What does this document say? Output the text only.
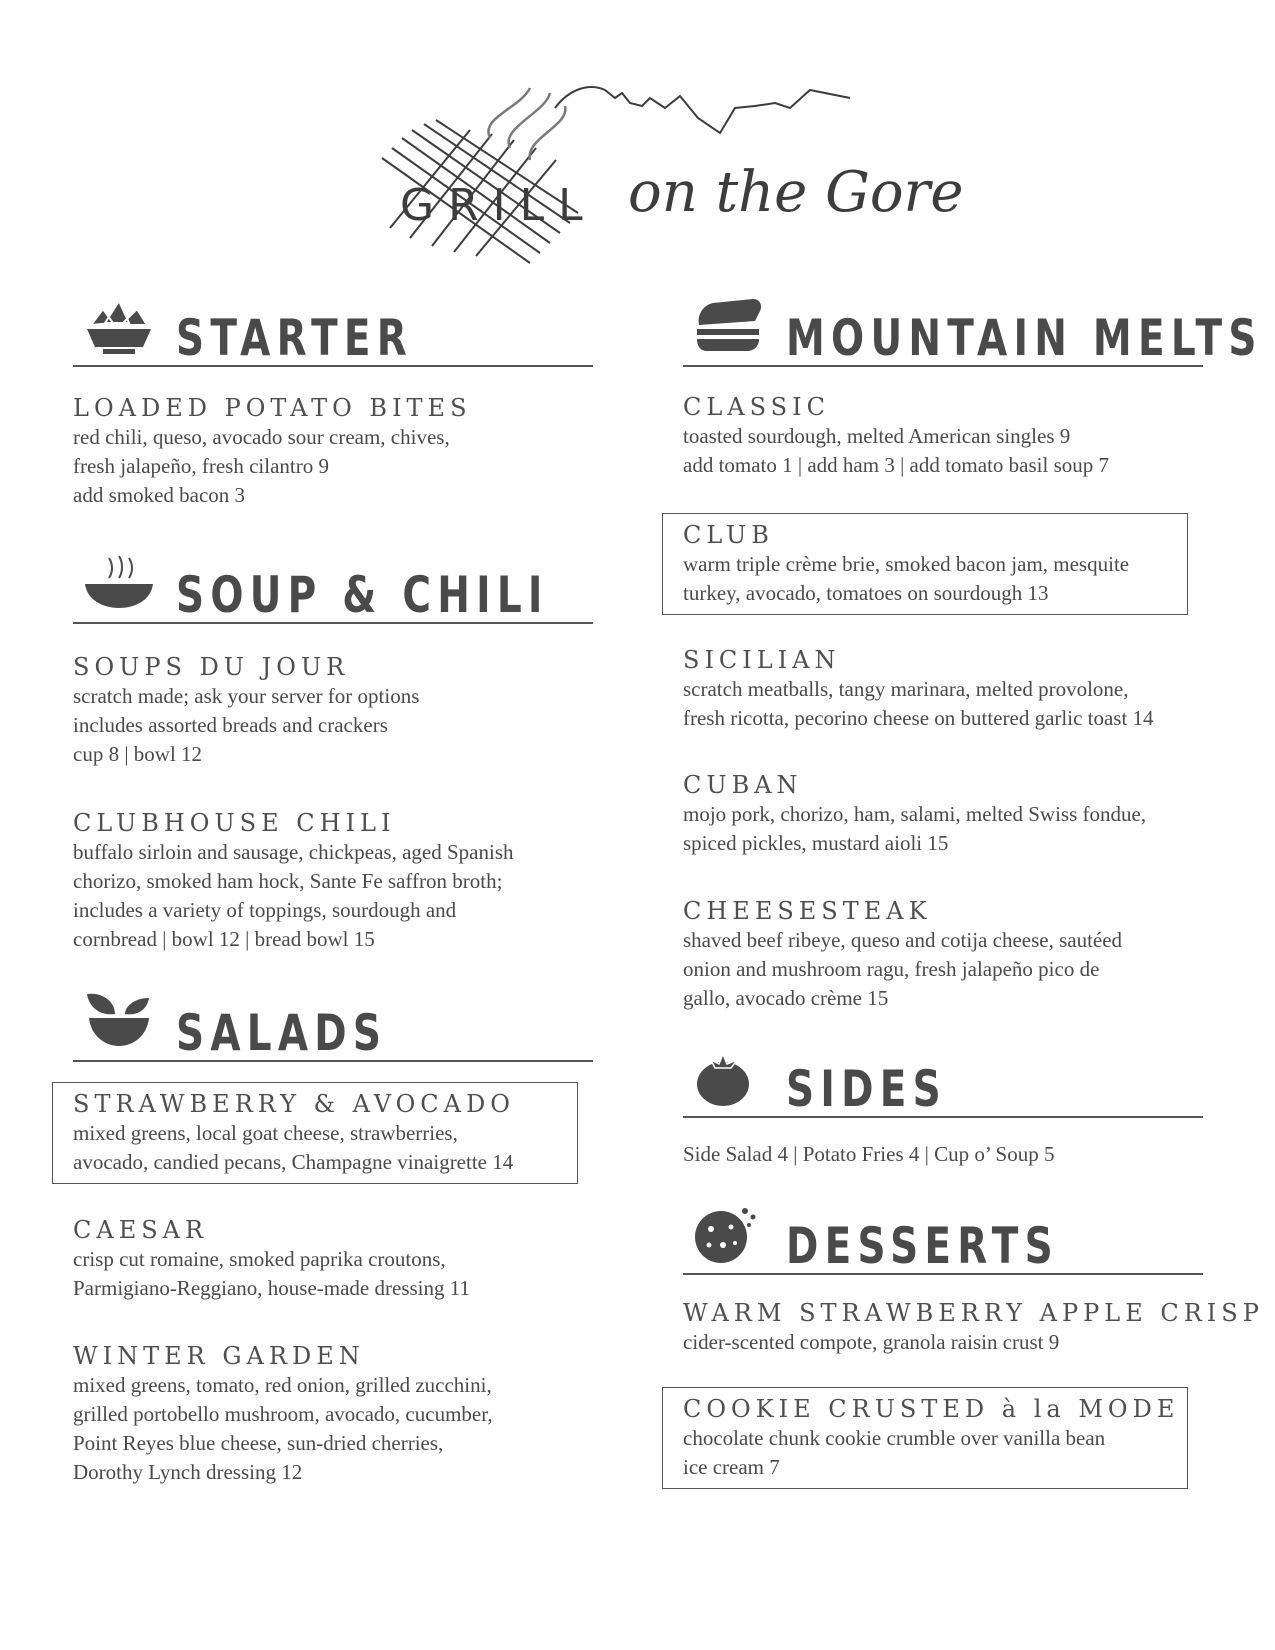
GRILL on the Gore
STARTER
LOADED POTATO BITES
red chili, queso, avocado sour cream, chives,
fresh jalapeño, fresh cilantro 9
add smoked bacon 3
SOUP & CHILI
SOUPS DU JOUR
scratch made; ask your server for options
includes assorted breads and crackers
cup 8 | bowl 12
CLUBHOUSE CHILI
buffalo sirloin and sausage, chickpeas, aged Spanish
chorizo, smoked ham hock, Sante Fe saffron broth;
includes a variety of toppings, sourdough and
cornbread | bowl 12 | bread bowl 15
SALADS
STRAWBERRY & AVOCADO
mixed greens, local goat cheese, strawberries,
avocado, candied pecans, Champagne vinaigrette 14
CAESAR
crisp cut romaine, smoked paprika croutons,
Parmigiano-Reggiano, house-made dressing 11
WINTER GARDEN
mixed greens, tomato, red onion, grilled zucchini,
grilled portobello mushroom, avocado, cucumber,
Point Reyes blue cheese, sun-dried cherries,
Dorothy Lynch dressing 12
MOUNTAIN MELTS
CLASSIC
toasted sourdough, melted American singles 9
add tomato 1 | add ham 3 | add tomato basil soup 7
CLUB
warm triple crème brie, smoked bacon jam, mesquite
turkey, avocado, tomatoes on sourdough 13
SICILIAN
scratch meatballs, tangy marinara, melted provolone,
fresh ricotta, pecorino cheese on buttered garlic toast 14
CUBAN
mojo pork, chorizo, ham, salami, melted Swiss fondue,
spiced pickles, mustard aioli 15
CHEESESTEAK
shaved beef ribeye, queso and cotija cheese, sautéed
onion and mushroom ragu, fresh jalapeño pico de
gallo, avocado crème 15
SIDES
Side Salad 4 | Potato Fries 4 | Cup o’ Soup 5
DESSERTS
WARM STRAWBERRY APPLE CRISP
cider-scented compote, granola raisin crust 9
COOKIE CRUSTED à la MODE
chocolate chunk cookie crumble over vanilla bean
ice cream 7
